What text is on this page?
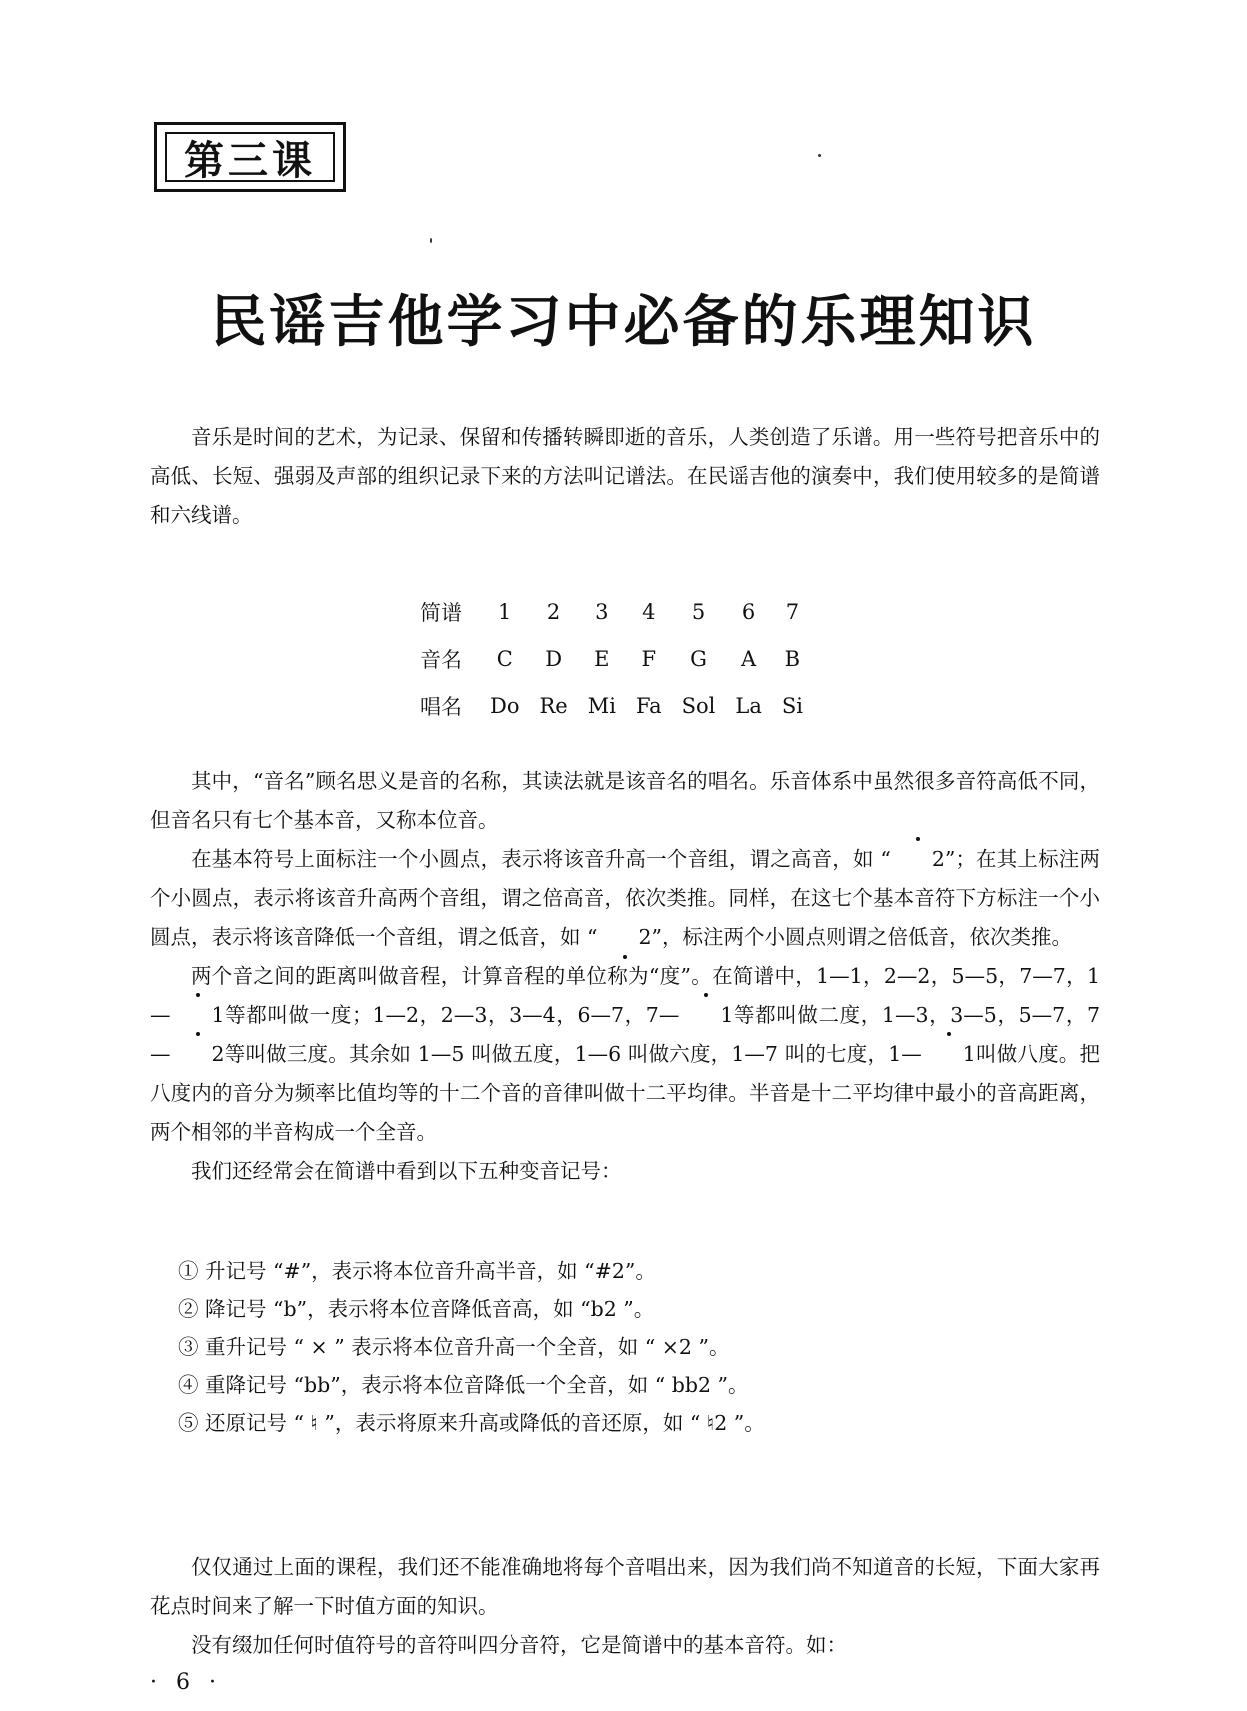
第三课
民谣吉他学习中必备的乐理知识

音乐是时间的艺术，为记录、保留和传播转瞬即逝的音乐，人类创造了乐谱。用一些符号把音乐中的高低、长短、强弱及声部的组织记录下来的方法叫记谱法。在民谣吉他的演奏中，我们使用较多的是简谱和六线谱。

简谱	1	2	3	4	5	6	7
音名	C	D	E	F	G	A	B
唱名	Do	Re	Mi	Fa	Sol	La	Si

其中，“音名”顾名思义是音的名称，其读法就是该音名的唱名。乐音体系中虽然很多音符高低不同，但音名只有七个基本音，又称本位音。

在基本符号上面标注一个小圆点，表示将该音升高一个音组，谓之高音，如 “ 2”；在其上标注两个小圆点，表示将该音升高两个音组，谓之倍高音，依次类推。同样，在这七个基本音符下方标注一个小圆点，表示将该音降低一个音组，谓之低音，如 “ 2”，标注两个小圆点则谓之倍低音，依次类推。

两个音之间的距离叫做音程，计算音程的单位称为“度”。在简谱中，1—1，2—2，5—5，7—7，1— 1等都叫做一度；1—2，2—3，3—4，6—7，7— 1等都叫做二度，1—3，3—5，5—7，7— 2等叫做三度。其余如 1—5 叫做五度，1—6 叫做六度，1—7 叫的七度，1— 1叫做八度。把八度内的音分为频率比值均等的十二个音的音律叫做十二平均律。半音是十二平均律中最小的音高距离，两个相邻的半音构成一个全音。

我们还经常会在简谱中看到以下五种变音记号：

① 升记号 “#”，表示将本位音升高半音，如 “#2”。
② 降记号 “b”，表示将本位音降低音高，如 “b2 ”。
③ 重升记号 “ × ” 表示将本位音升高一个全音，如 “ ×2 ”。
④ 重降记号 “bb”，表示将本位音降低一个全音，如 “ bb2 ”。
⑤ 还原记号 “ ♮ ”，表示将原来升高或降低的音还原，如 “ ♮2 ”。

仅仅通过上面的课程，我们还不能准确地将每个音唱出来，因为我们尚不知道音的长短，下面大家再花点时间来了解一下时值方面的知识。

没有缀加任何时值符号的音符叫四分音符，它是简谱中的基本音符。如：

· 6 ·
